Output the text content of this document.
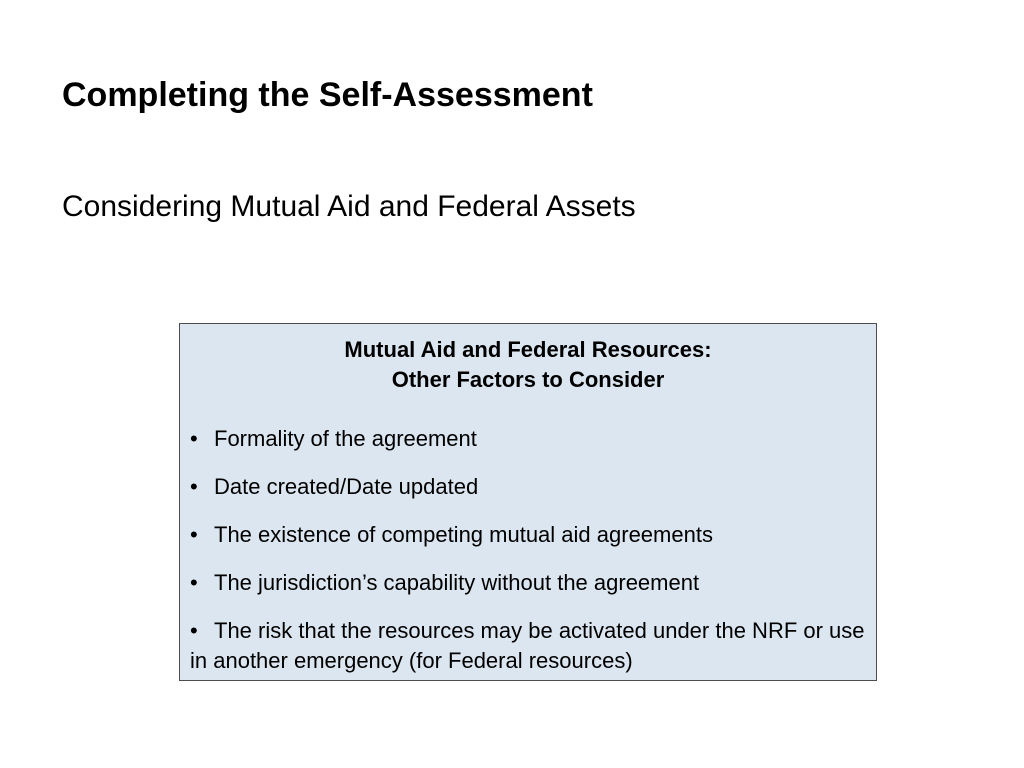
Completing the Self-Assessment
Considering Mutual Aid and Federal Assets
Mutual Aid and Federal Resources:
Other Factors to Consider
• Formality of the agreement
• Date created/Date updated
• The existence of competing mutual aid agreements
• The jurisdiction’s capability without the agreement
• The risk that the resources may be activated under the NRF or use in another emergency (for Federal resources)
